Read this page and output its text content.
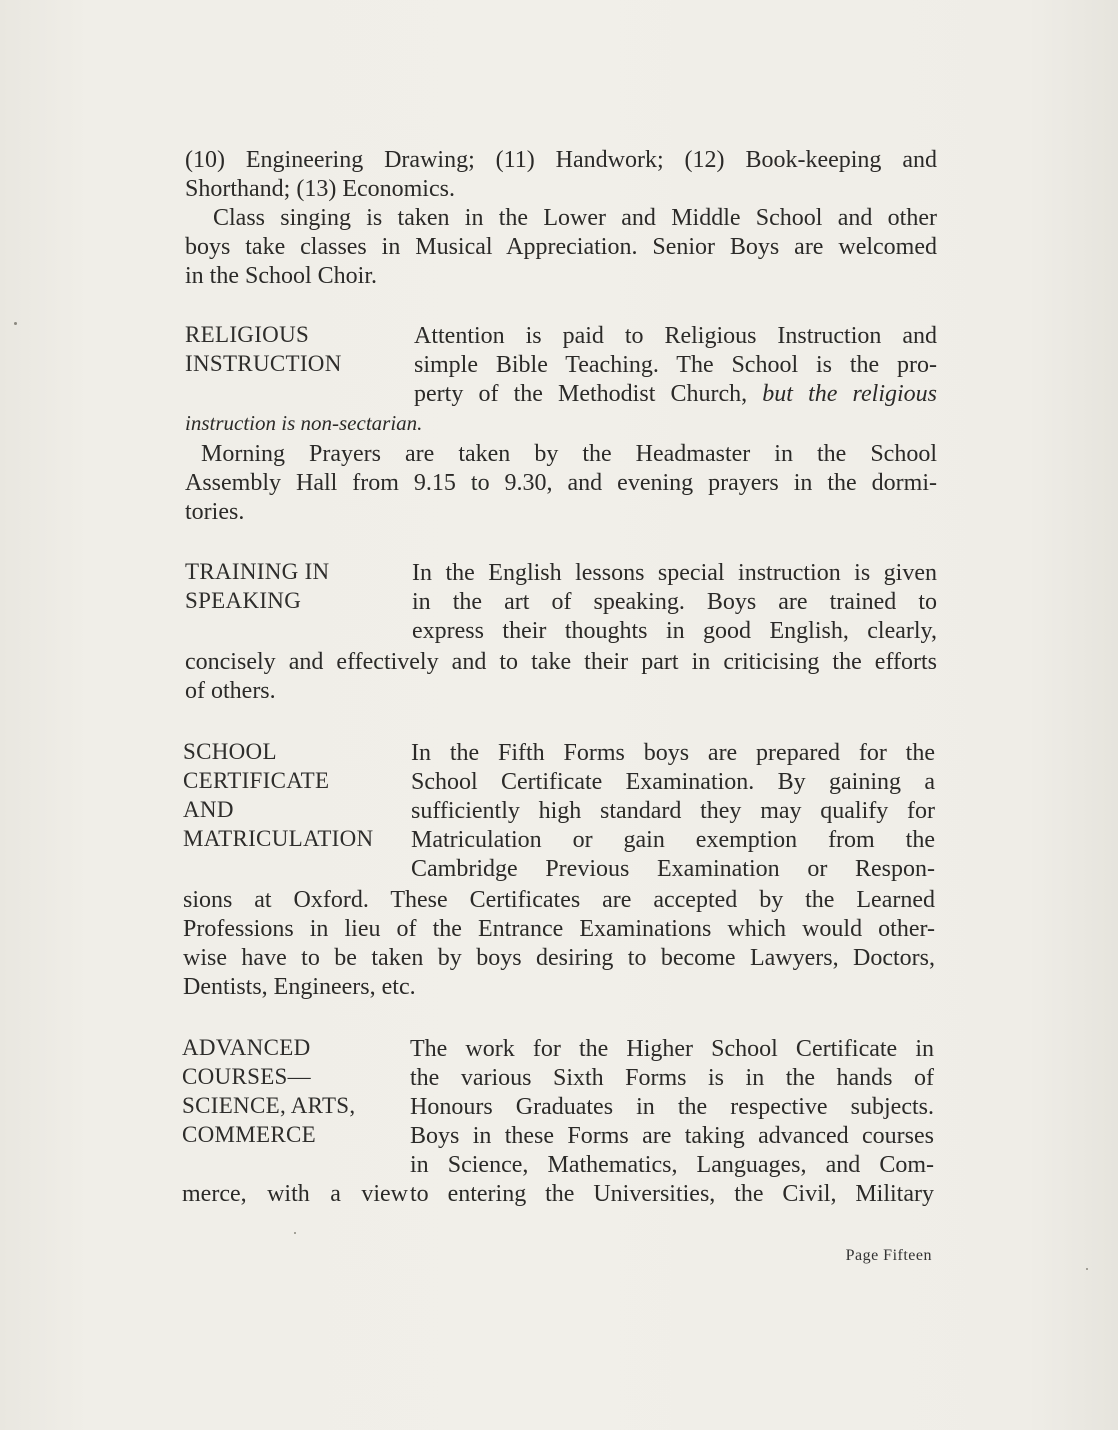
(10) Engineering Drawing; (11) Handwork; (12) Book-keeping and
Shorthand; (13) Economics.
Class singing is taken in the Lower and Middle School and other
boys take classes in Musical Appreciation. Senior Boys are welcomed
in the School Choir.
RELIGIOUS
INSTRUCTION
Attention is paid to Religious Instruction and
simple Bible Teaching. The School is the pro-
perty of the Methodist Church, but the religious
instruction is non-sectarian.
Morning Prayers are taken by the Headmaster in the School
Assembly Hall from 9.15 to 9.30, and evening prayers in the dormi-
tories.
TRAINING IN
SPEAKING
In the English lessons special instruction is given
in the art of speaking. Boys are trained to
express their thoughts in good English, clearly,
concisely and effectively and to take their part in criticising the efforts
of others.
SCHOOL
CERTIFICATE
AND
MATRICULATION
In the Fifth Forms boys are prepared for the
School Certificate Examination. By gaining a
sufficiently high standard they may qualify for
Matriculation or gain exemption from the
Cambridge Previous Examination or Respon-
sions at Oxford. These Certificates are accepted by the Learned
Professions in lieu of the Entrance Examinations which would other-
wise have to be taken by boys desiring to become Lawyers, Doctors,
Dentists, Engineers, etc.
ADVANCED
COURSES—
SCIENCE, ARTS,
COMMERCE
The work for the Higher School Certificate in
the various Sixth Forms is in the hands of
Honours Graduates in the respective subjects.
Boys in these Forms are taking advanced courses
in Science, Mathematics, Languages, and Com-
merce, with a view to entering the Universities, the Civil, Military
Page Fifteen
